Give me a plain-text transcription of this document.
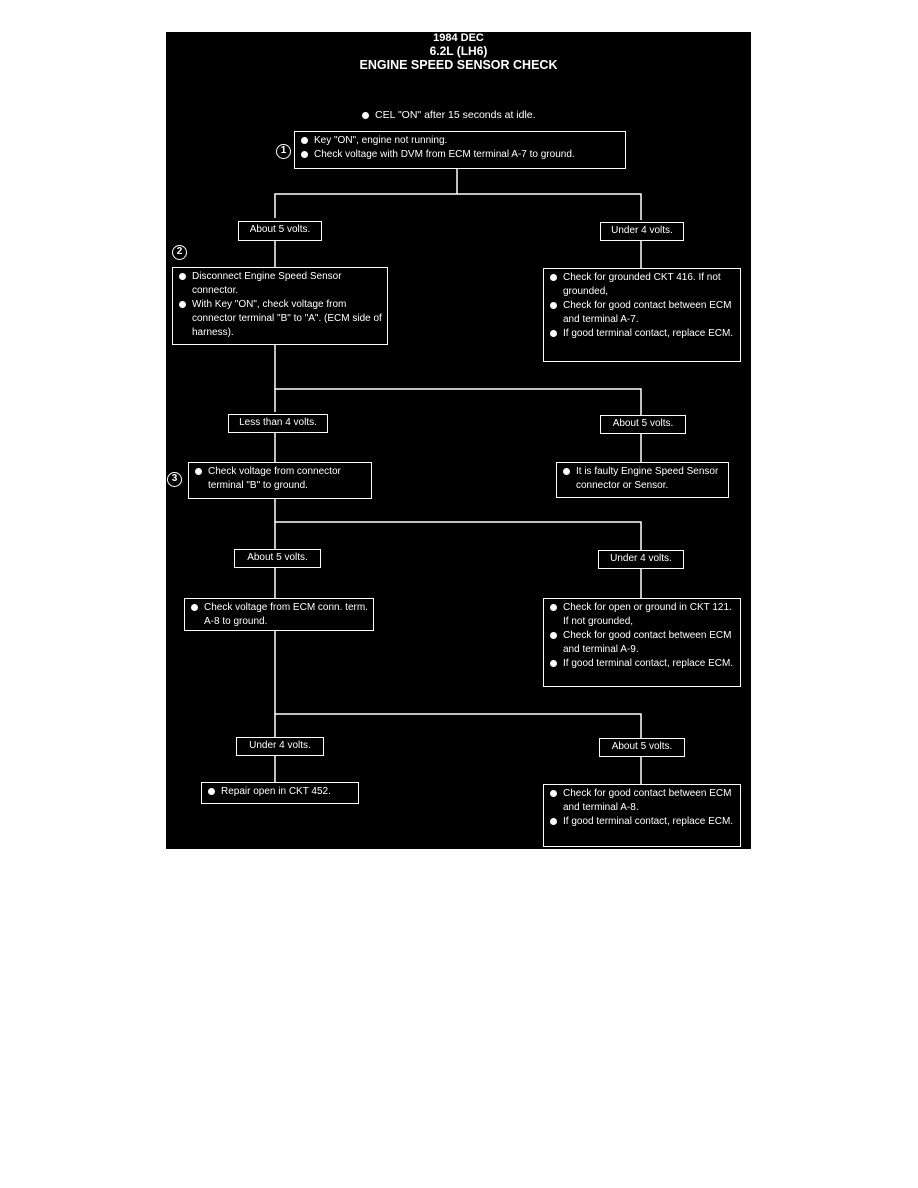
1984 DEC
6.2L (LH6)
ENGINE SPEED SENSOR CHECK
CEL "ON" after 15 seconds at idle.
1
Key "ON", engine not running.
Check voltage with DVM from ECM terminal A-7 to ground.
About 5 volts.	Under 4 volts.
2
Disconnect Engine Speed Sensor connector.
With Key "ON", check voltage from connector terminal "B" to "A". (ECM side of harness).
Check for grounded CKT 416. If not grounded,
Check for good contact between ECM and terminal A-7.
If good terminal contact, replace ECM.
Less than 4 volts.	About 5 volts.
3
Check voltage from connector terminal "B" to ground.
It is faulty Engine Speed Sensor connector or Sensor.
About 5 volts.	Under 4 volts.
Check voltage from ECM conn. term. A-8 to ground.
Check for open or ground in CKT 121. If not grounded,
Check for good contact between ECM and terminal A-9.
If good terminal contact, replace ECM.
Under 4 volts.	About 5 volts.
Repair open in CKT 452.	Check for good contact between ECM and terminal A-8.
If good terminal contact, replace ECM.
